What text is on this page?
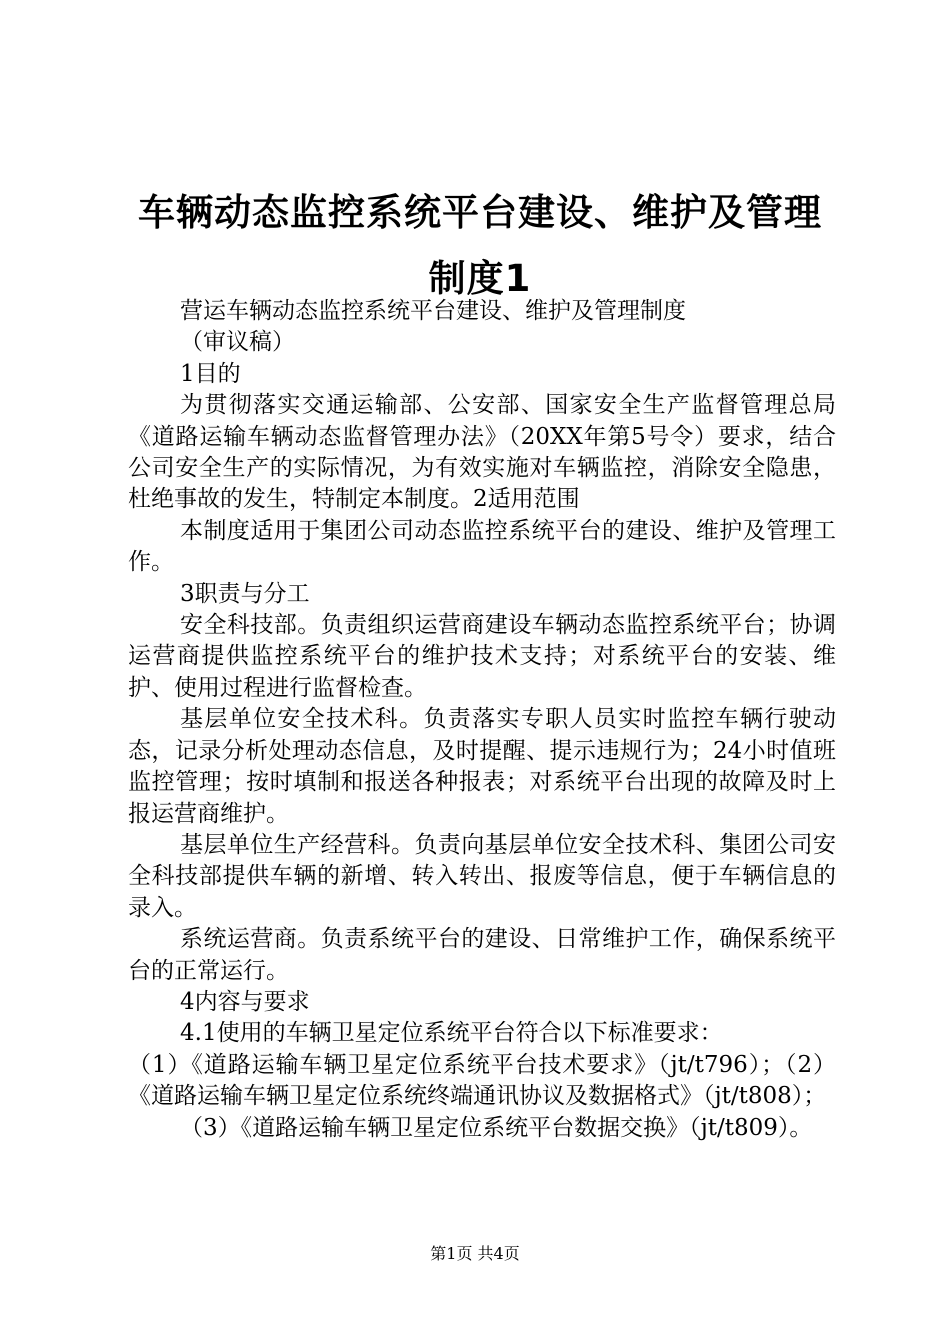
车辆动态监控系统平台建设、维护及管理制度1

营运车辆动态监控系统平台建设、维护及管理制度

（审议稿）

1目的

为贯彻落实交通运输部、公安部、国家安全生产监督管理总局《道路运输车辆动态监督管理办法》（20XX年第5号令）要求，结合公司安全生产的实际情况，为有效实施对车辆监控，消除安全隐患，杜绝事故的发生，特制定本制度。2适用范围

本制度适用于集团公司动态监控系统平台的建设、维护及管理工作。

3职责与分工

安全科技部。负责组织运营商建设车辆动态监控系统平台；协调运营商提供监控系统平台的维护技术支持；对系统平台的安装、维护、使用过程进行监督检查。

基层单位安全技术科。负责落实专职人员实时监控车辆行驶动态，记录分析处理动态信息，及时提醒、提示违规行为；24小时值班监控管理；按时填制和报送各种报表；对系统平台出现的故障及时上报运营商维护。

基层单位生产经营科。负责向基层单位安全技术科、集团公司安全科技部提供车辆的新增、转入转出、报废等信息，便于车辆信息的录入。

系统运营商。负责系统平台的建设、日常维护工作，确保系统平台的正常运行。

4内容与要求

4.1使用的车辆卫星定位系统平台符合以下标准要求：

（1）《道路运输车辆卫星定位系统平台技术要求》（jt/t796）；（2）《道路运输车辆卫星定位系统终端通讯协议及数据格式》（jt/t808）；

（3）《道路运输车辆卫星定位系统平台数据交换》（jt/t809）。

第1页 共4页
